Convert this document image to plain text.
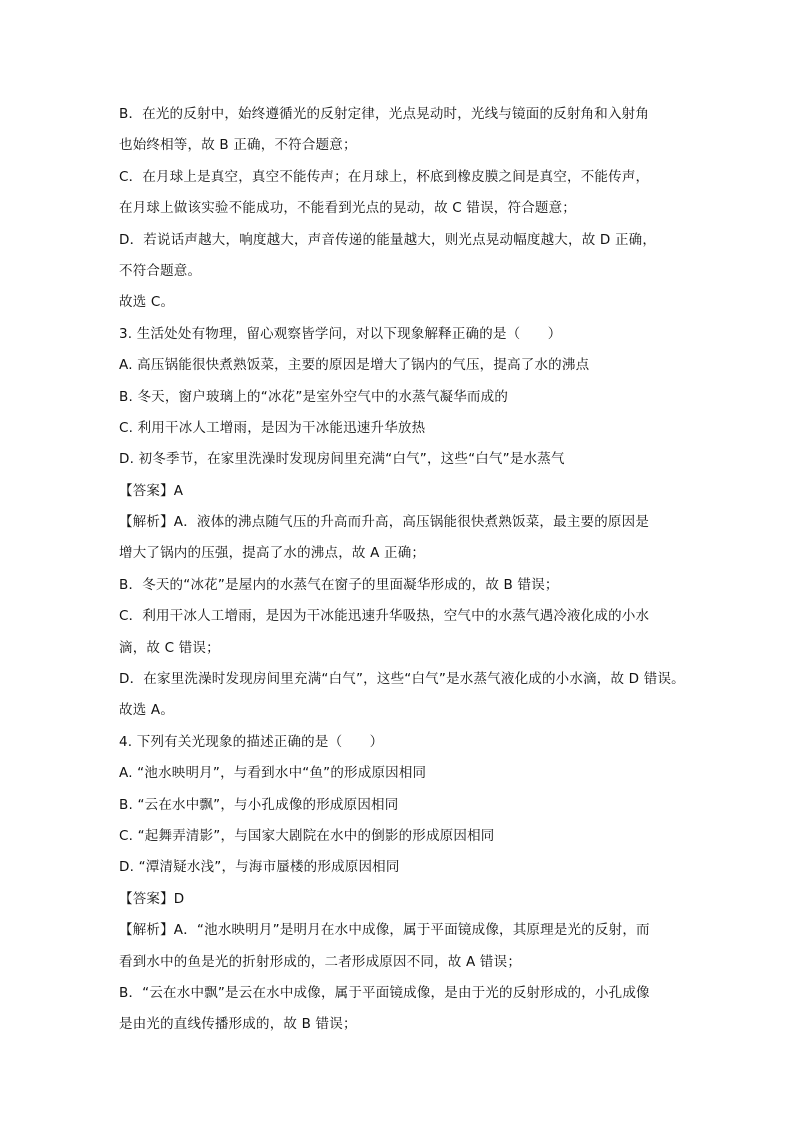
B．在光的反射中，始终遵循光的反射定律，光点晃动时，光线与镜面的反射角和入射角
也始终相等，故 B 正确，不符合题意；
C．在月球上是真空，真空不能传声；在月球上，杯底到橡皮膜之间是真空，不能传声，
在月球上做该实验不能成功，不能看到光点的晃动，故 C 错误，符合题意；
D．若说话声越大，响度越大，声音传递的能量越大，则光点晃动幅度越大，故 D 正确，
不符合题意。
故选 C。
3. 生活处处有物理，留心观察皆学问，对以下现象解释正确的是（　　）
A. 高压锅能很快煮熟饭菜，主要的原因是增大了锅内的气压，提高了水的沸点
B. 冬天，窗户玻璃上的“冰花”是室外空气中的水蒸气凝华而成的
C. 利用干冰人工增雨，是因为干冰能迅速升华放热
D. 初冬季节，在家里洗澡时发现房间里充满“白气”，这些“白气”是水蒸气
【答案】A
【解析】A．液体的沸点随气压的升高而升高，高压锅能很快煮熟饭菜，最主要的原因是
增大了锅内的压强，提高了水的沸点，故 A 正确；
B．冬天的“冰花”是屋内的水蒸气在窗子的里面凝华形成的，故 B 错误；
C．利用干冰人工增雨，是因为干冰能迅速升华吸热，空气中的水蒸气遇冷液化成的小水
滴，故 C 错误；
D．在家里洗澡时发现房间里充满“白气”，这些“白气”是水蒸气液化成的小水滴，故 D 错误。
故选 A。
4. 下列有关光现象的描述正确的是（　　）
A. “池水映明月”，与看到水中“鱼”的形成原因相同
B. “云在水中飘”，与小孔成像的形成原因相同
C. “起舞弄清影”，与国家大剧院在水中的倒影的形成原因相同
D. “潭清疑水浅”，与海市蜃楼的形成原因相同
【答案】D
【解析】A．“池水映明月”是明月在水中成像，属于平面镜成像，其原理是光的反射，而
看到水中的鱼是光的折射形成的，二者形成原因不同，故 A 错误；
B．“云在水中飘”是云在水中成像，属于平面镜成像，是由于光的反射形成的，小孔成像
是由光的直线传播形成的，故 B 错误；
